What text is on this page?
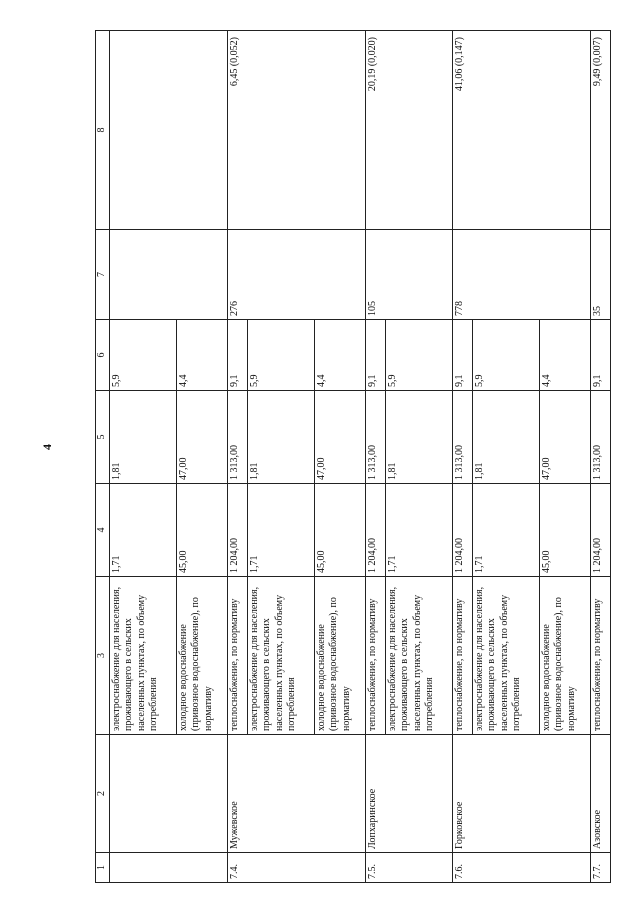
4
1	2	3	4	5	6	7	8
		электроснабжение для населения, проживающего в сельских населенных пунктах, по объему потребления	1,71	1,81	5,9		
		холодное водоснабжение (привозное водоснабжение), по нормативу	45,00	47,00	4,4		
7.4.	Мужевское	теплоснабжение, по нормативу	1 204,00	1 313,00	9,1	276	6,45 (0,052)
		электроснабжение для населения, проживающего в сельских населенных пунктах, по объему потребления	1,71	1,81	5,9		
		холодное водоснабжение (привозное водоснабжение), по нормативу	45,00	47,00	4,4		
7.5.	Лопхаринское	теплоснабжение, по нормативу	1 204,00	1 313,00	9,1	105	20,19 (0,020)
		электроснабжение для населения, проживающего в сельских населенных пунктах, по объему потребления	1,71	1,81	5,9		
7.6.	Горковское	теплоснабжение, по нормативу	1 204,00	1 313,00	9,1	778	41,06 (0,147)
		электроснабжение для населения, проживающего в сельских населенных пунктах, по объему потребления	1,71	1,81	5,9		
		холодное водоснабжение (привозное водоснабжение), по нормативу	45,00	47,00	4,4		
7.7.	Азовское	теплоснабжение, по нормативу	1 204,00	1 313,00	9,1	35	9,49 (0,007)
